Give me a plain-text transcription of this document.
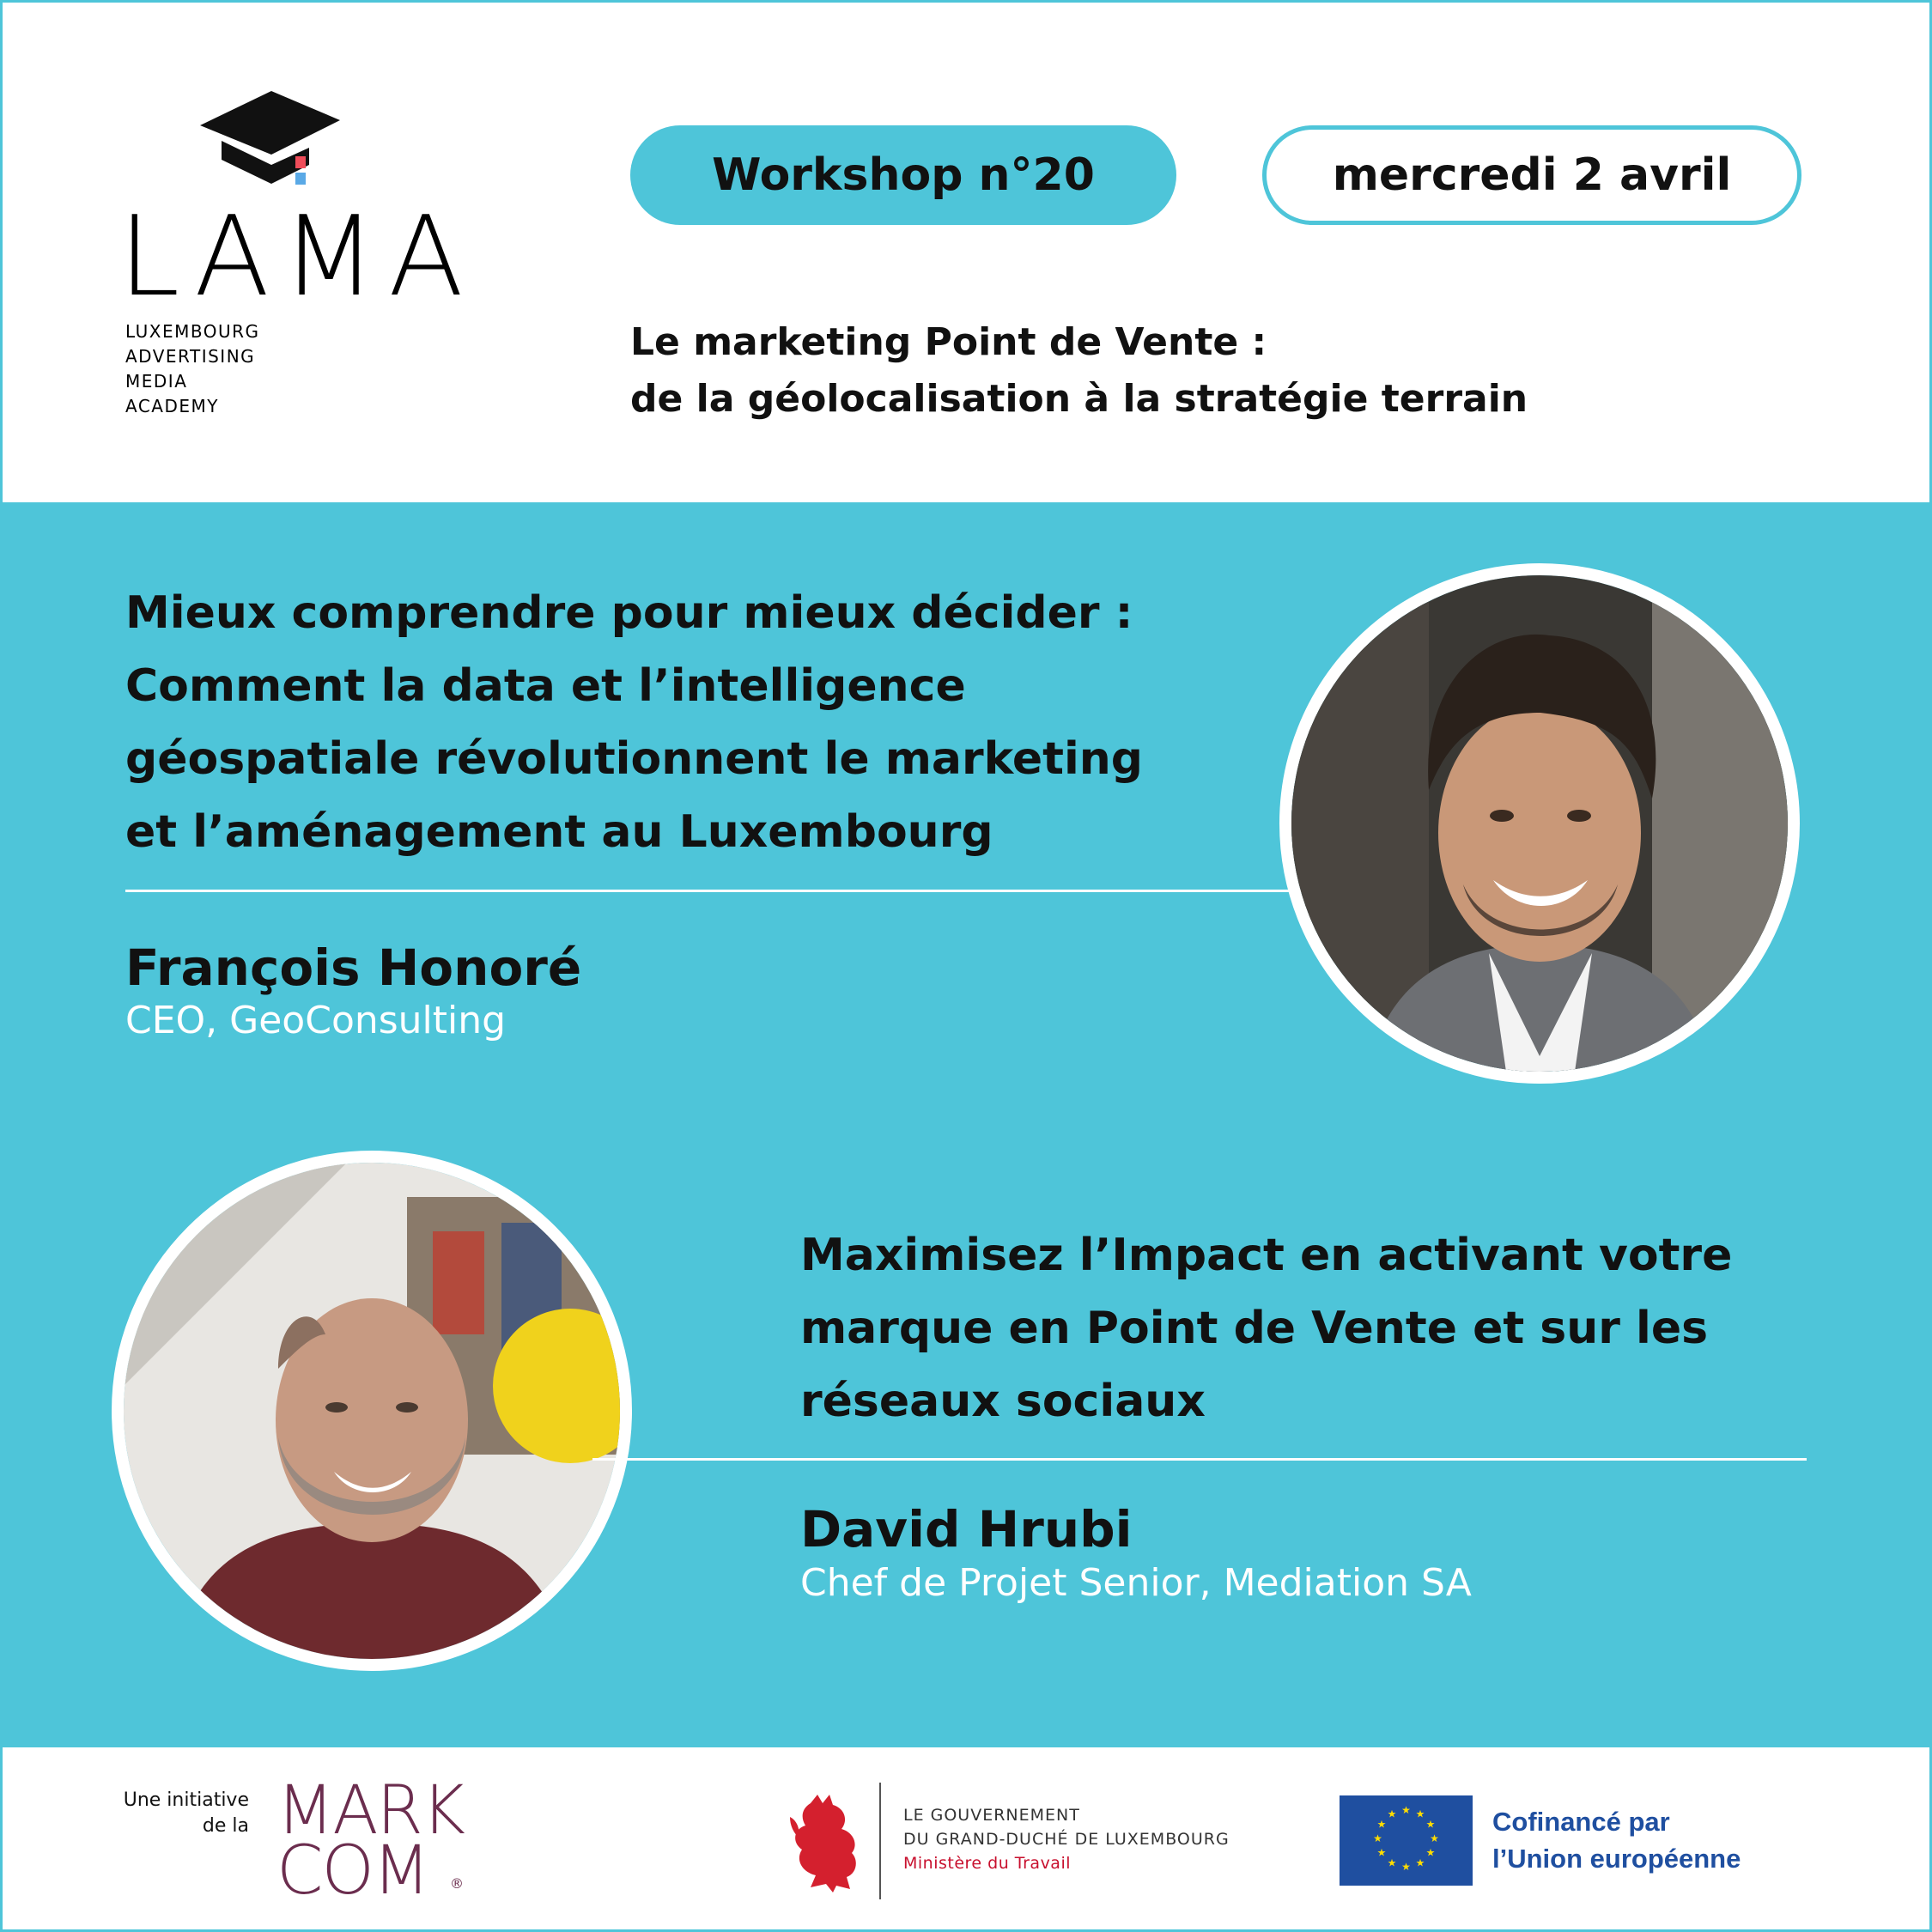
LAMA
LUXEMBOURG
ADVERTISING
MEDIA
ACADEMY
Workshop n°20	mercredi 2 avril
Le marketing Point de Vente :
de la géolocalisation à la stratégie terrain
Mieux comprendre pour mieux décider :
Comment la data et l’intelligence
géospatiale révolutionnent le marketing
et l’aménagement au Luxembourg
François Honoré
CEO, GeoConsulting
Maximisez l’Impact en activant votre
marque en Point de Vente et sur les
réseaux sociaux
David Hrubi
Chef de Projet Senior, Mediation SA
Une initiative
de la MARK
COM	®
LE GOUVERNEMENT
DU GRAND-DUCHÉ DE LUXEMBOURG
Ministère du Travail
★ ★
★
★
★
★
★
★
★
★
★
★	Cofinancé par
l’Union européenne
